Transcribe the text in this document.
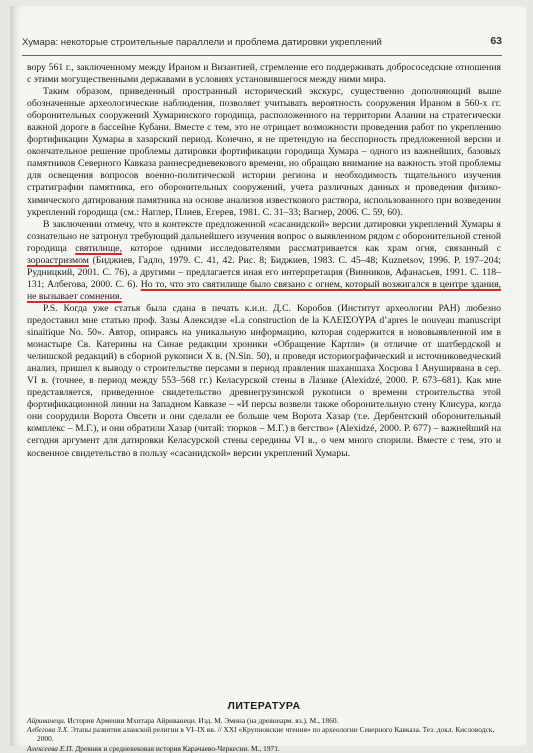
Хумара: некоторые строительные параллели и проблема датировки укреплений	63

вору 561 г., заключенному между Ираном и Византией, стремление его поддерживать добрососедские отношения с этими могущественными державами в условиях установившегося между ними мира.

Таким образом, приведенный пространный исторический экскурс, существенно дополняющий выше обозначенные археологические наблюдения, позволяет учитывать вероятность сооружения Ираном в 560-х гг. оборонительных сооружений Хумаринского городища, расположенного на территории Алании на стратегически важной дороге в бассейне Кубани. Вместе с тем, это не отрицает возможности проведения работ по укреплению фортификации Хумары в хазарский период. Конечно, я не претендую на бесспорность предложенной версии и окончательное решение проблемы датировки фортификации городища Хумара – одного из важнейших, базовых памятников Северного Кавказа раннесредневекового времени, но обращаю внимание на важность этой проблемы для освещения вопросов военно-политической истории региона и необходимость тщательного изучения стратиграфии памятника, его оборонительных сооружений, учета различных данных и проведения физико-химического датирования памятника на основе анализов известкового раствора, использованного при возведении укреплений городища (см.: Наглер, Плиев, Егерев, 1981. С. 31–33; Вагнер, 2006. С. 59, 60).

В заключении отмечу, что в контексте предложенной «сасанидской» версии датировки укреплений Хумары я сознательно не затронул требующий дальнейшего изучения вопрос о выявленном рядом с оборонительной стеной городища святилище, которое одними исследователями рассматривается как храм огня, связанный с зороастризмом (Биджиев, Гадло, 1979. С. 41, 42. Рис. 8; Биджиев, 1983. С. 45–48; Kuznetsov, 1996. P. 197–204; Рудницкий, 2001. С. 76), а другими – предлагается иная его интерпретация (Винников, Афанасьев, 1991. С. 118–131; Албегова, 2000. С. 6). Но то, что это святилище было связано с огнем, который возжигался в центре здания, не вызывает сомнения.

P.S. Когда уже статья была сдана в печать к.и.н. Д.С. Коробов (Институт археологии РАН) любезно предоставил мне статью проф. Зазы Алексидзе «La construction de la ΚΛΕΙΣΟΥΡΑ d’apres le nouveau manuscript sinaïtique No. 50». Автор, опираясь на уникальную информацию, которая содержится в нововыявленной им в монастыре Св. Катерины на Синае редакции хроники «Обращение Картли» (в отличие от шатбердской и челишской редакций) в сборной рукописи X в. (N.Sin. 50), и проведя историографический и источниковедческий анализ, пришел к выводу о строительстве персами в период правления шаханшаха Хосрова I Ануширвана в сер. VI в. (точнее, в период между 553–568 гг.) Келасурской стены в Лазике (Alexidzé, 2000. P. 673–681). Как мне представляется, приведенное свидетельство древнегрузинской рукописи о времени строительства этой фортификационной линии на Западном Кавказе – «И персы возвели также оборонительную стену Клисура, когда они соорудили Ворота Овсети и они сделали ее больше чем Ворота Хазар (т.е. Дербентский оборонительный комплекс – М.Г.), и они обратили Хазар (читай: тюрков – М.Г.) в бегство» (Alexidzé, 2000. P. 677) – важнейший на сегодня аргумент для датировки Келасурской стены середины VI в., о чем много спорили. Вместе с тем, это и косвенное свидетельство в пользу «сасанидской» версии укреплений Хумары.

ЛИТЕРАТУРА
Айриванеци. История Армении Мхитара Айриванеци. Изд. М. Эмина (на древнеарм. яз.). М., 1860.
Албегова З.Х. Этапы развития аланской религии в VI–IX вв. // XXI «Крупновские чтения» по археологии Северного Кавказа. Тез. докл. Кисловодск, 2000.
Алексеева Е.П. Древняя и средневековая история Карачаево-Черкесии. М., 1971.
